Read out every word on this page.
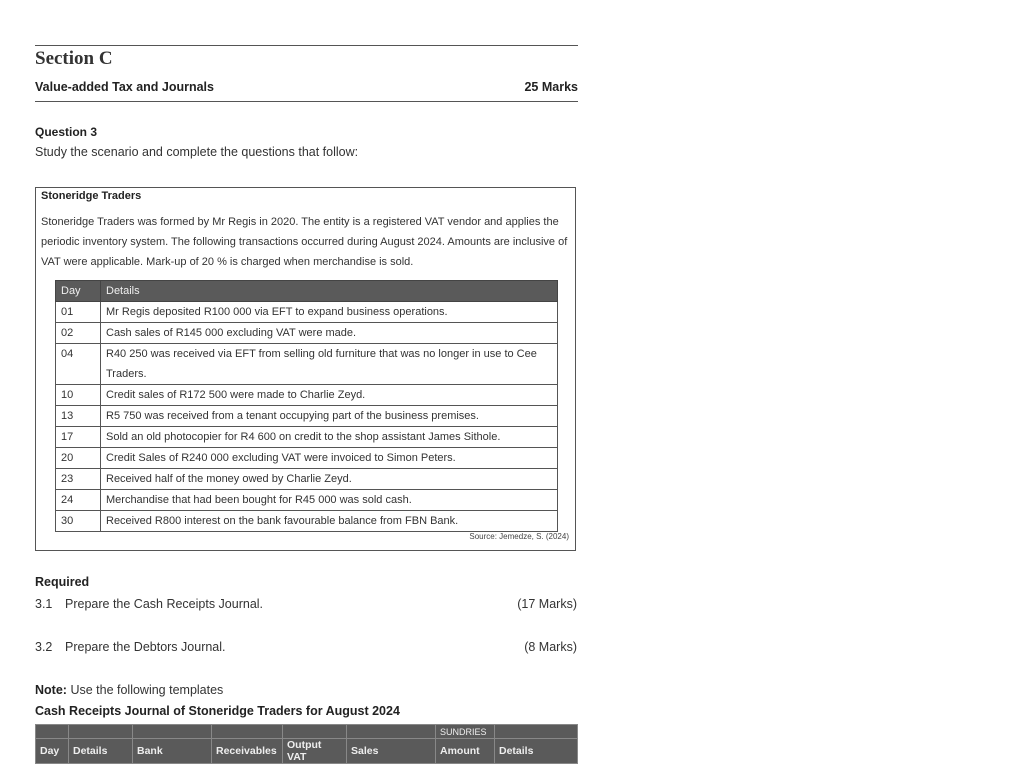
Section C
Value-added Tax and Journals	25 Marks
Question 3
Study the scenario and complete the questions that follow:
Stoneridge Traders
Stoneridge Traders was formed by Mr Regis in 2020. The entity is a registered VAT vendor and applies the periodic inventory system. The following transactions occurred during August 2024. Amounts are inclusive of VAT were applicable. Mark-up of 20 % is charged when merchandise is sold.
Day	Details
01	Mr Regis deposited R100 000 via EFT to expand business operations.
02	Cash sales of R145 000 excluding VAT were made.
04	R40 250 was received via EFT from selling old furniture that was no longer in use to Cee Traders.
10	Credit sales of R172 500 were made to Charlie Zeyd.
13	R5 750 was received from a tenant occupying part of the business premises.
17	Sold an old photocopier for R4 600 on credit to the shop assistant James Sithole.
20	Credit Sales of R240 000 excluding VAT were invoiced to Simon Peters.
23	Received half of the money owed by Charlie Zeyd.
24	Merchandise that had been bought for R45 000 was sold cash.
30	Received R800 interest on the bank favourable balance from FBN Bank.
Source: Jemedze, S. (2024)
Required
3.1 Prepare the Cash Receipts Journal.	(17 Marks)
3.2 Prepare the Debtors Journal.	(8 Marks)
Note: Use the following templates
Cash Receipts Journal of Stoneridge Traders for August 2024
						SUNDRIES	
Day	Details	Bank	Receivables	Output VAT	Sales	Amount	Details
